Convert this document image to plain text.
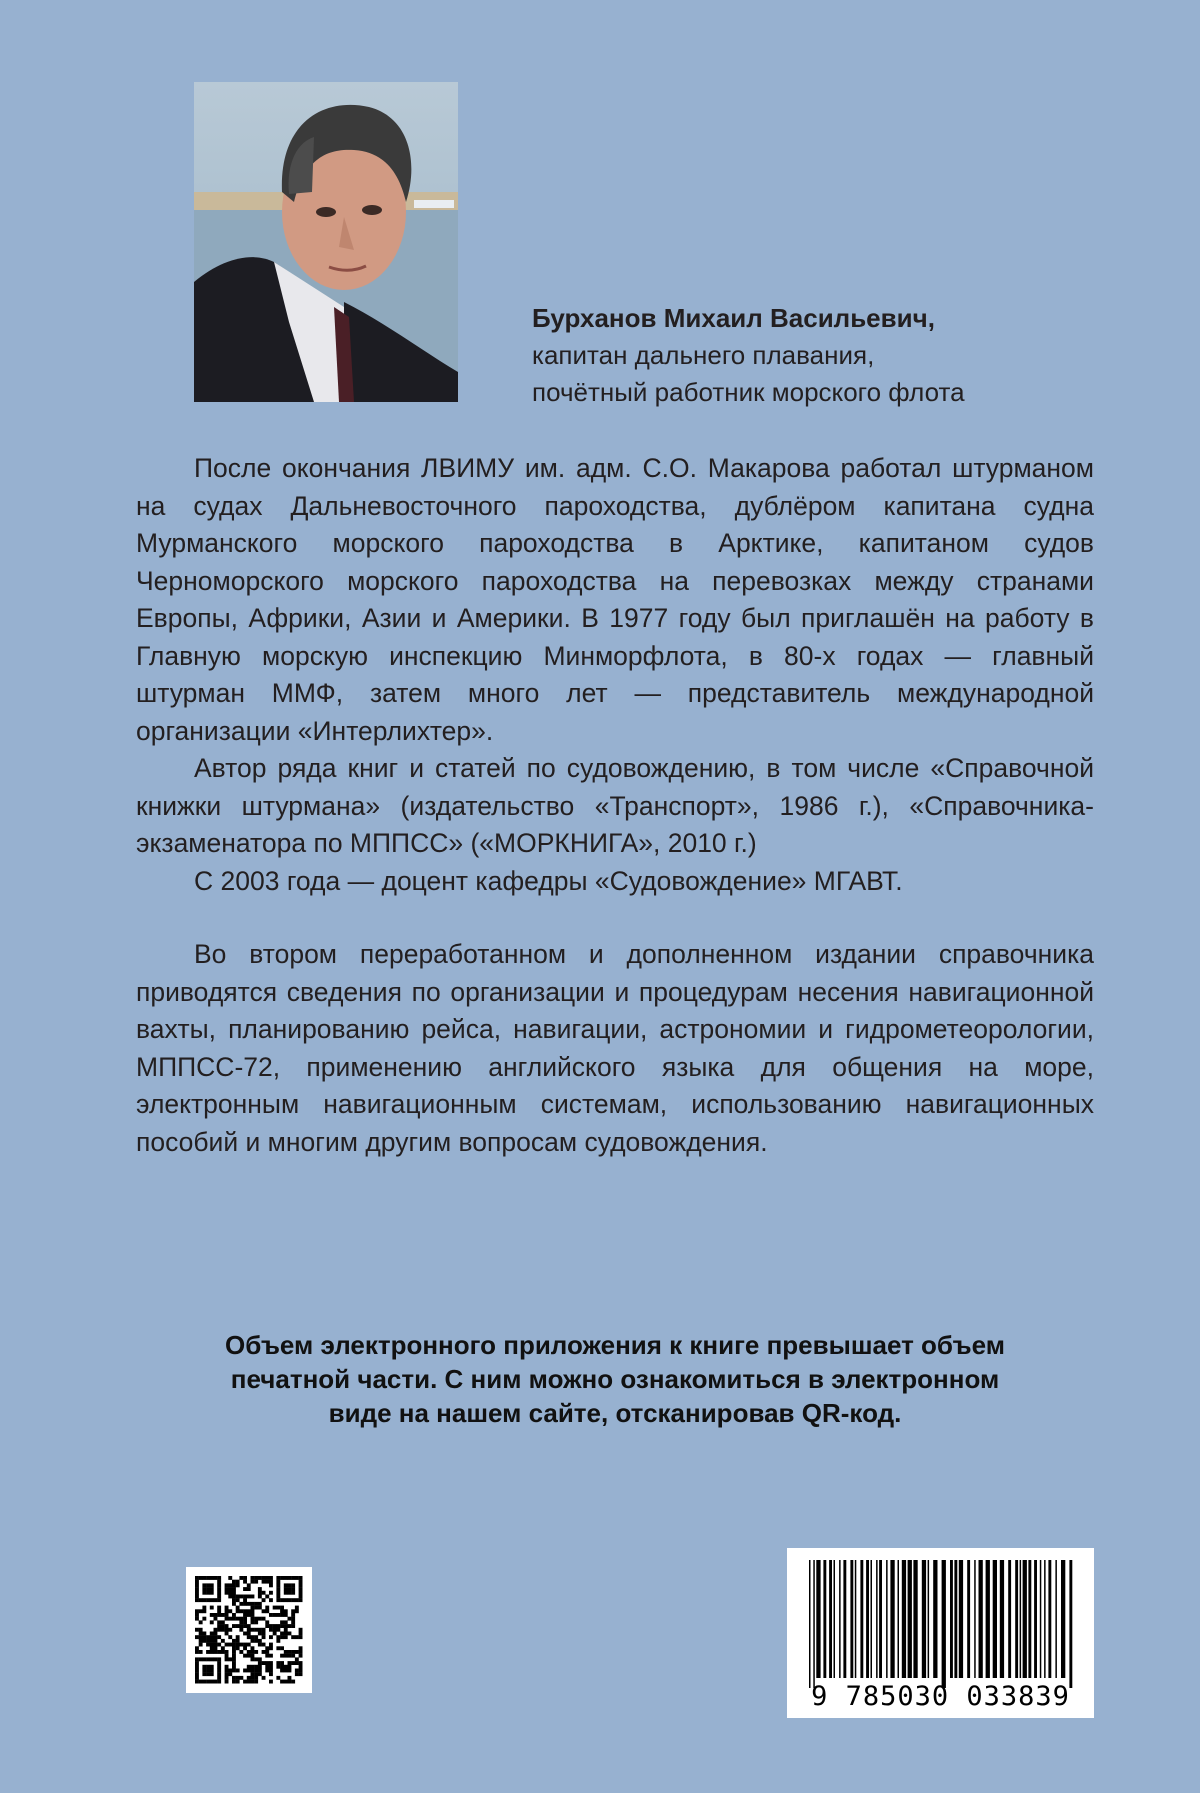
Бурханов Михаил Васильевич,
капитан дальнего плавания,
почётный работник морского флота

После окончания ЛВИМУ им. адм. С.О. Макарова работал штурманом на судах Дальневосточного пароходства, дублёром капитана судна Мурманского морского пароходства в Арктике, капитаном судов Черноморского морского пароходства на перевозках между странами Европы, Африки, Азии и Америки. В 1977 году был приглашён на работу в Главную морскую инспекцию Минморфлота, в 80-х годах — главный штурман ММФ, затем много лет — представитель международной организации «Интерлихтер».

Автор ряда книг и статей по судовождению, в том числе «Справочной книжки штурмана» (издательство «Транспорт», 1986 г.), «Справочника-экзаменатора по МППСС» («МОРКНИГА», 2010 г.)

С 2003 года — доцент кафедры «Судовождение» МГАВТ.

Во втором переработанном и дополненном издании справочника приводятся сведения по организации и процедурам несения навигационной вахты, планированию рейса, навигации, астрономии и гидрометеорологии, МППСС-72, применению английского языка для общения на море, электронным навигационным системам, использованию навигационных пособий и многим другим вопросам судовождения.

Объем электронного приложения к книге превышает объем
печатной части. С ним можно ознакомиться в электронном
виде на нашем сайте, отсканировав QR-код.
9 785030 033839
